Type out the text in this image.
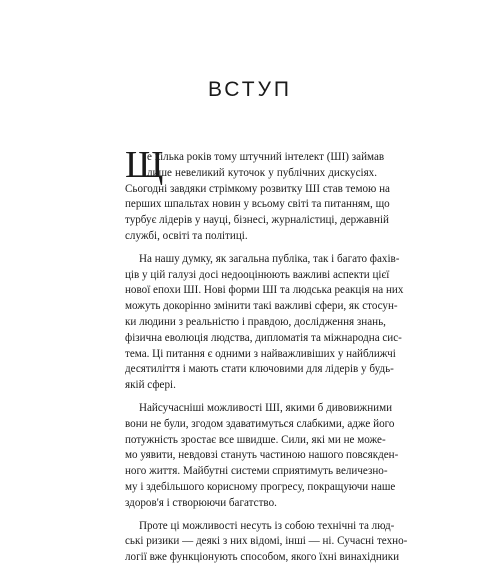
ВСТУП
Щ
е кілька років тому штучний інтелект (ШІ) займав
лише невеликий куточок у публічних дискусіях.
Сьогодні завдяки стрімкому розвитку ШІ став темою на
перших шпальтах новин у всьому світі та питанням, що
турбує лідерів у науці, бізнесі, журналістиці, державній
службі, освіті та політиці.
На нашу думку, як загальна публіка, так і багато фахів-
ців у цій галузі досі недооцінюють важливі аспекти цієї
нової епохи ШІ. Нові форми ШІ та людська реакція на них
можуть докорінно змінити такі важливі сфери, як стосун-
ки людини з реальністю і правдою, дослідження знань,
фізична еволюція людства, дипломатія та міжнародна сис-
тема. Ці питання є одними з найважливіших у найближчі
десятиліття і мають стати ключовими для лідерів у будь-
якій сфері.
Найсучасніші можливості ШІ, якими б дивовижними
вони не були, згодом здаватимуться слабкими, адже його
потужність зростає все швидше. Сили, які ми не може-
мо уявити, невдовзі стануть частиною нашого повсякден-
ного життя. Майбутні системи сприятимуть величезно-
му і здебільшого корисному прогресу, покращуючи наше
здоров'я і створюючи багатство.
Проте ці можливості несуть із собою технічні та люд-
ські ризики — деякі з них відомі, інші — ні. Сучасні техно-
логії вже функціонують способом, якого їхні винахідники
